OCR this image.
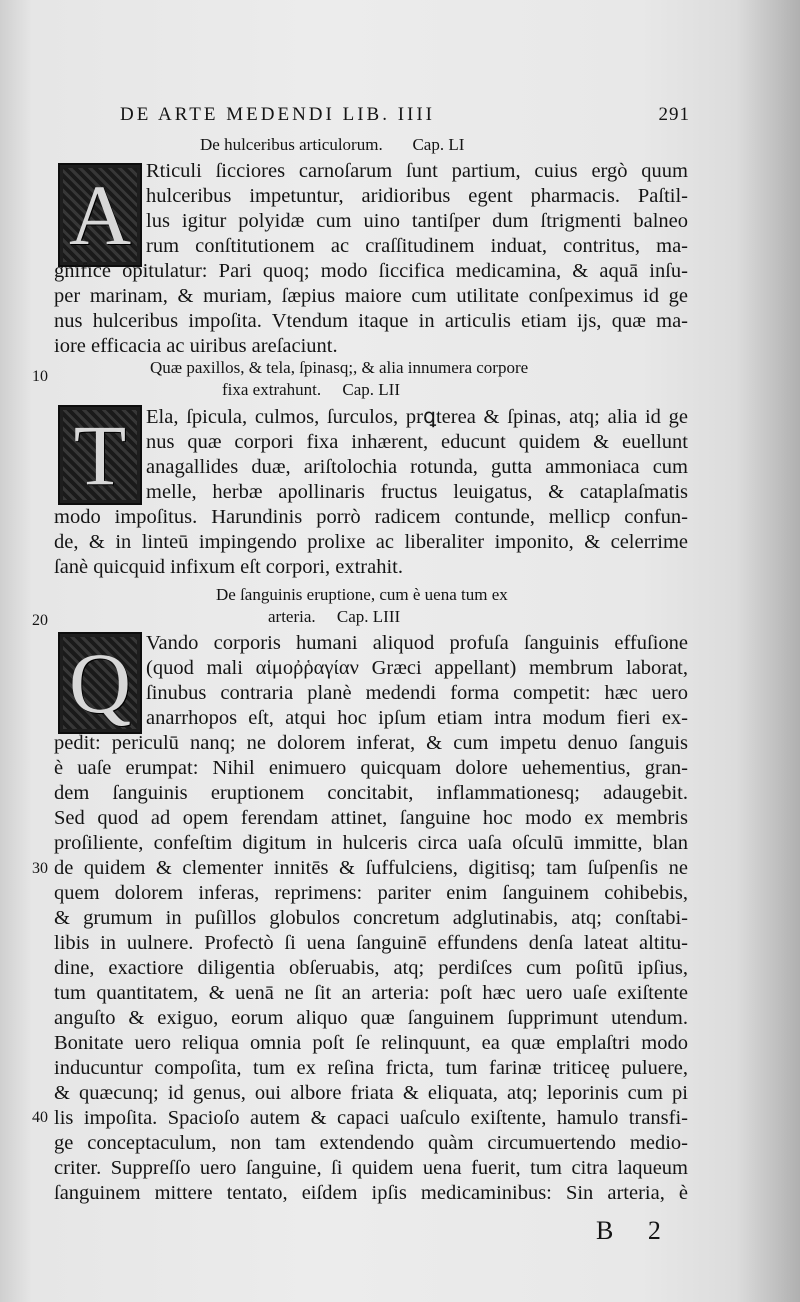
DE ARTE MEDENDI LIB. IIII	291
De hulceribus articulorum. Cap. LI
A Rticuli ſicciores carnoſarum ſunt partium, cuius ergò quum
hulceribus impetuntur, aridioribus egent pharmacis. Paſtil-
lus igitur polyidæ cum uino tantiſper dum ſtrigmenti balneo
rum conſtitutionem ac craſſitudinem induat, contritus, ma-
gnifice opitulatur: Pari quoq; modo ſiccifica medicamina, & aquā inſu-
per marinam, & muriam, ſæpius maiore cum utilitate conſpeximus id ge
nus hulceribus impoſita. Vtendum itaque in articulis etiam ijs, quæ ma-
iore efficacia ac uiribus areſaciunt.
10	Quæ paxillos, & tela, ſpinasq;, & alia innumera corpore
fixa extrahunt. Cap. LII
T Ela, ſpicula, culmos, ſurculos, prꝗterea & ſpinas, atq; alia id ge
nus quæ corpori fixa inhærent, educunt quidem & euellunt
anagallides duæ, ariſtolochia rotunda, gutta ammoniaca cum
melle, herbæ apollinaris fructus leuigatus, & cataplaſmatis
modo impoſitus. Harundinis porrò radicem contunde, mellicp confun-
de, & in linteū impingendo prolixe ac liberaliter imponito, & celerrime
ſanè quicquid infixum eſt corpori, extrahit.
De ſanguinis eruptione, cum è uena tum ex
20	arteria. Cap. LIII
Q Vando corporis humani aliquod profuſa ſanguinis effuſione
(quod mali αἱμοῤῥαγίαν Græci appellant) membrum laborat,
ſinubus contraria planè medendi forma competit: hæc uero
anarrhopos eſt, atqui hoc ipſum etiam intra modum fieri ex-
pedit: periculū nanq; ne dolorem inferat, & cum impetu denuo ſanguis
è uaſe erumpat: Nihil enimuero quicquam dolore uehementius, gran-
dem ſanguinis eruptionem concitabit, inflammationesq; adaugebit.
Sed quod ad opem ferendam attinet, ſanguine hoc modo ex membris
proſiliente, confeſtim digitum in hulceris circa uaſa oſculū immitte, blan
de quidem & clementer innitēs & ſuffulciens, digitisq; tam ſuſpenſis ne
quem dolorem inferas, reprimens: pariter enim ſanguinem cohibebis,
& grumum in puſillos globulos concretum adglutinabis, atq; conſtabi-
libis in uulnere. Profectò ſi uena ſanguinē effundens denſa lateat altitu-
dine, exactiore diligentia obſeruabis, atq; perdiſces cum poſitū ipſius,
tum quantitatem, & uenā ne ſit an arteria: poſt hæc uero uaſe exiſtente
anguſto & exiguo, eorum aliquo quæ ſanguinem ſupprimunt utendum.
Bonitate uero reliqua omnia poſt ſe relinquunt, ea quæ emplaſtri modo
inducuntur compoſita, tum ex reſina fricta, tum farinæ triticeę puluere,
& quæcunq; id genus, oui albore friata & eliquata, atq; leporinis cum pi
lis impoſita. Spacioſo autem & capaci uaſculo exiſtente, hamulo transfi-
ge conceptaculum, non tam extendendo quàm circumuertendo medio-
criter. Suppreſſo uero ſanguine, ſi quidem uena fuerit, tum citra laqueum
ſanguinem mittere tentato, eiſdem ipſis medicaminibus: Sin arteria, è
30
40
B 2
